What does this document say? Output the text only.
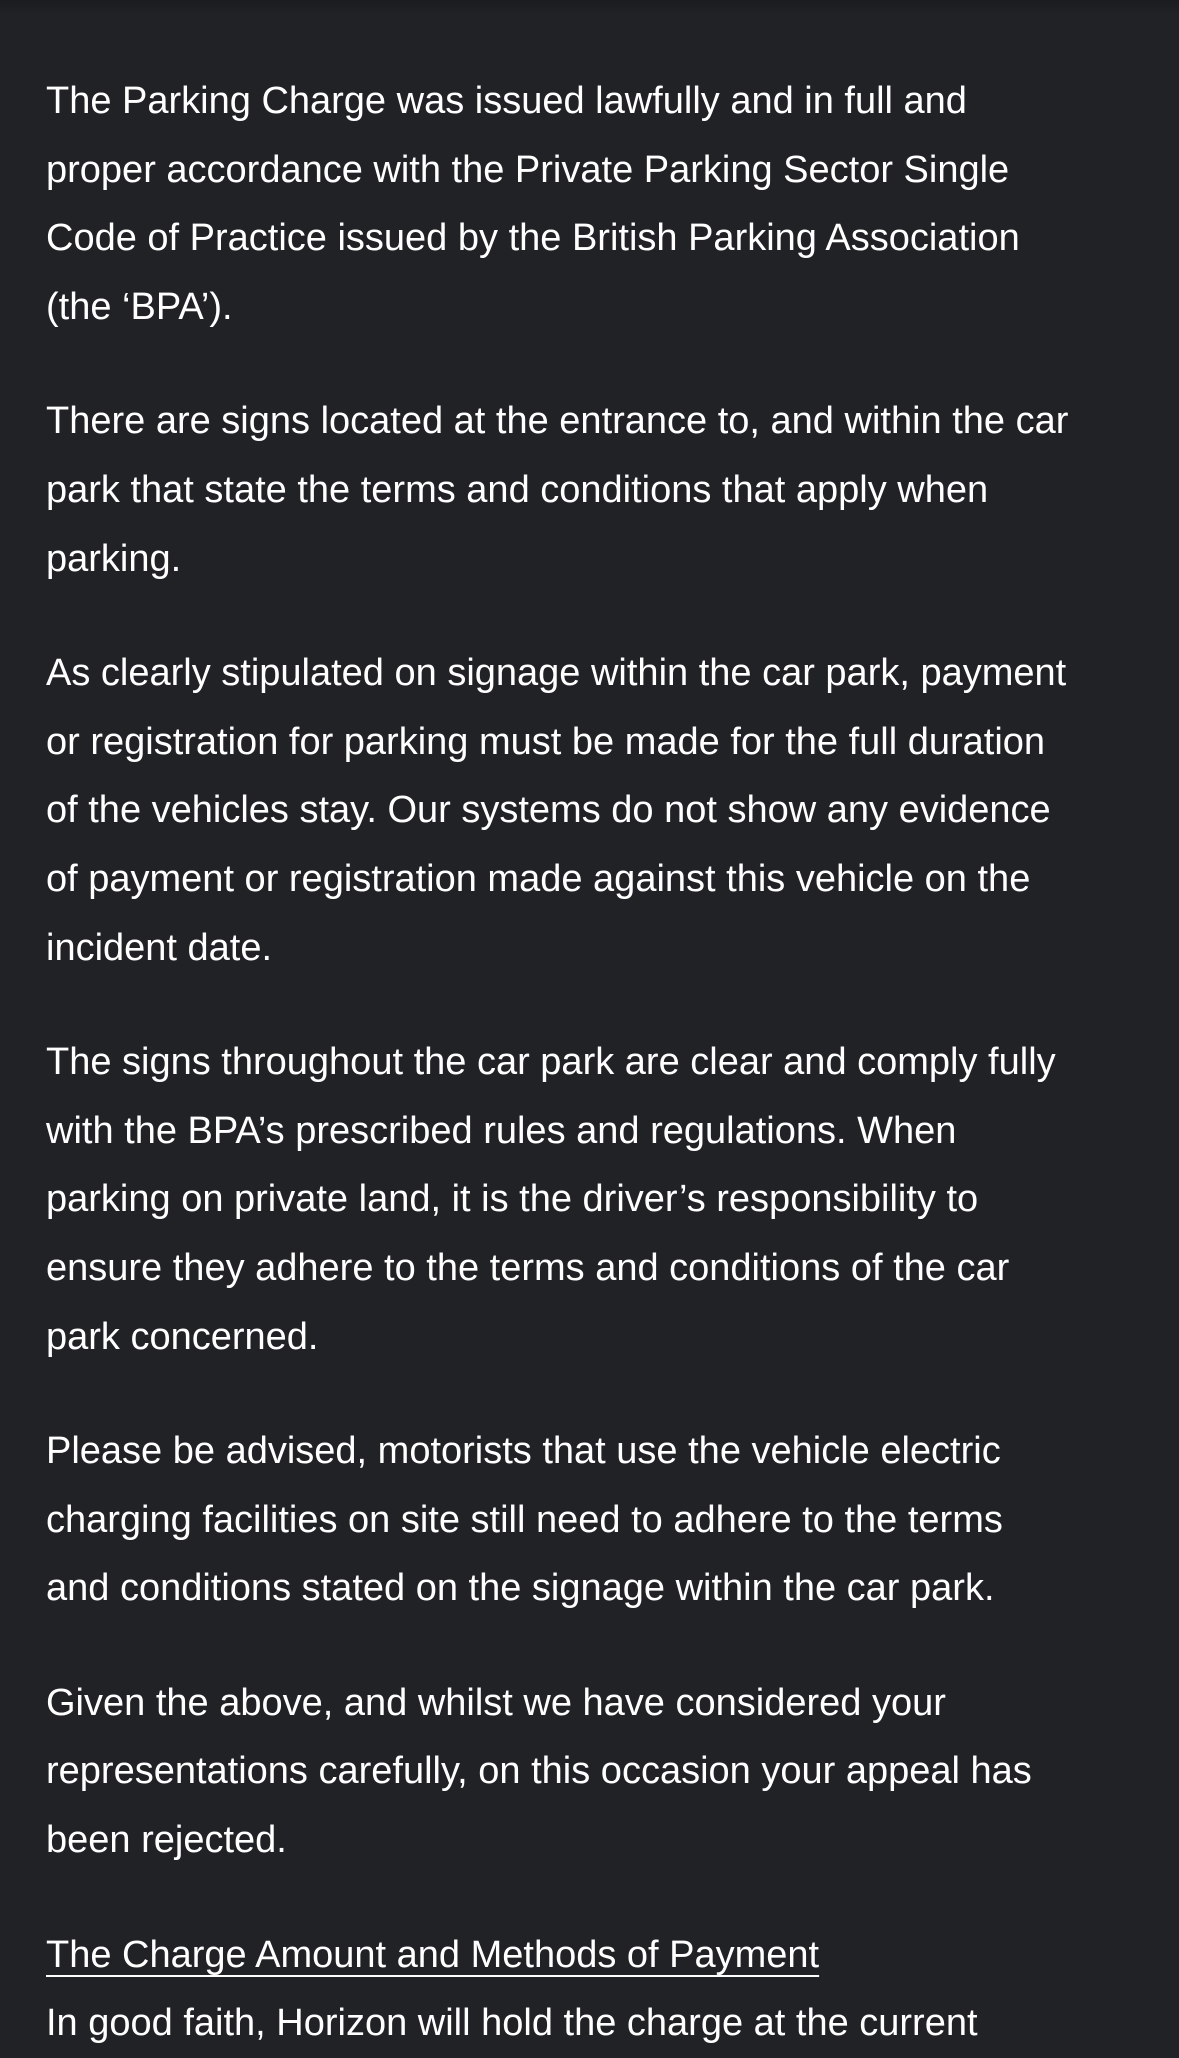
The Parking Charge was issued lawfully and in full and
proper accordance with the Private Parking Sector Single
Code of Practice issued by the British Parking Association
(the ‘BPA’).

There are signs located at the entrance to, and within the car
park that state the terms and conditions that apply when
parking.

As clearly stipulated on signage within the car park, payment
or registration for parking must be made for the full duration
of the vehicles stay. Our systems do not show any evidence
of payment or registration made against this vehicle on the
incident date.

The signs throughout the car park are clear and comply fully
with the BPA’s prescribed rules and regulations. When
parking on private land, it is the driver’s responsibility to
ensure they adhere to the terms and conditions of the car
park concerned.

Please be advised, motorists that use the vehicle electric
charging facilities on site still need to adhere to the terms
and conditions stated on the signage within the car park.

Given the above, and whilst we have considered your
representations carefully, on this occasion your appeal has
been rejected.

The Charge Amount and Methods of Payment

In good faith, Horizon will hold the charge at the current
